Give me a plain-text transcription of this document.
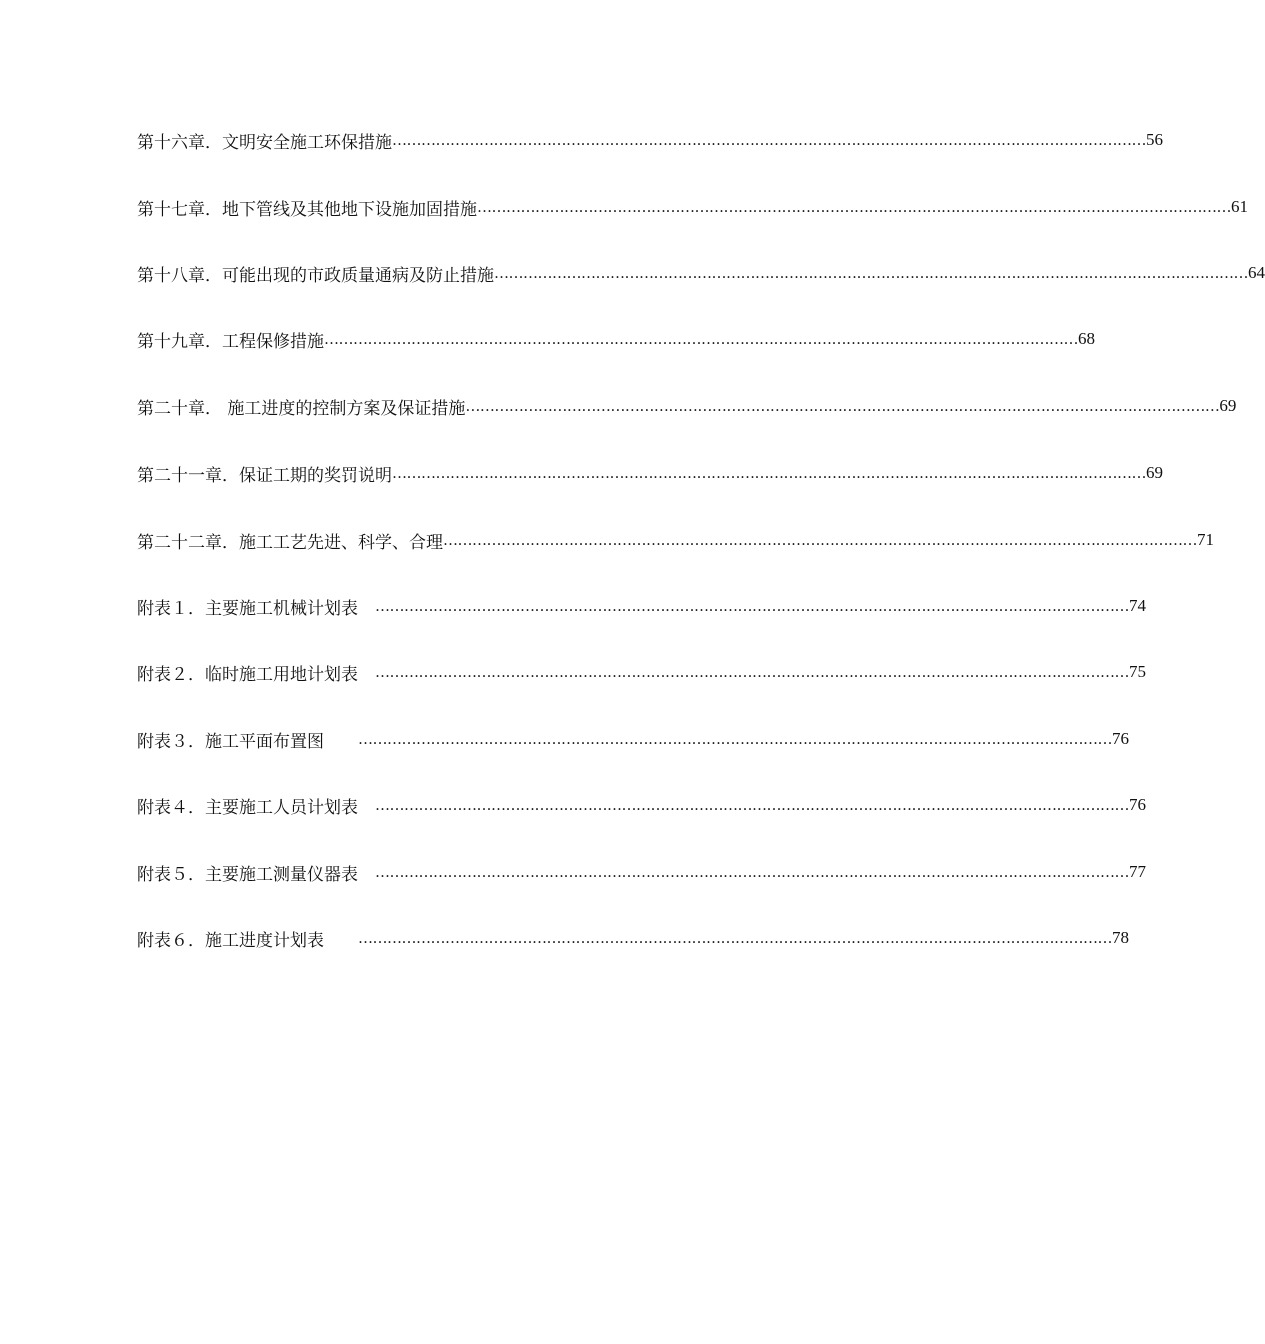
第十六章．文明安全施工环保措施 ………………………………………………………………………………………………………………………………………… 56
第十七章．地下管线及其他地下设施加固措施 ………………………………………………………………………………………………………………………………………… 61
第十八章．可能出现的市政质量通病及防止措施 ………………………………………………………………………………………………………………………………………… 64
第十九章．工程保修措施 ………………………………………………………………………………………………………………………………………… 68
第二十章． 施工进度的控制方案及保证措施 ………………………………………………………………………………………………………………………………………… 69
第二十一章．保证工期的奖罚说明 ………………………………………………………………………………………………………………………………………… 69
第二十二章．施工工艺先进、科学、合理 ………………………………………………………………………………………………………………………………………… 71
附表１．主要施工机械计划表　 ………………………………………………………………………………………………………………………………………… 74
附表２．临时施工用地计划表　 ………………………………………………………………………………………………………………………………………… 75
附表３．施工平面布置图　　 ………………………………………………………………………………………………………………………………………… 76
附表４．主要施工人员计划表　 ………………………………………………………………………………………………………………………………………… 76
附表５．主要施工测量仪器表　 ………………………………………………………………………………………………………………………………………… 77
附表６．施工进度计划表　　 ………………………………………………………………………………………………………………………………………… 78
